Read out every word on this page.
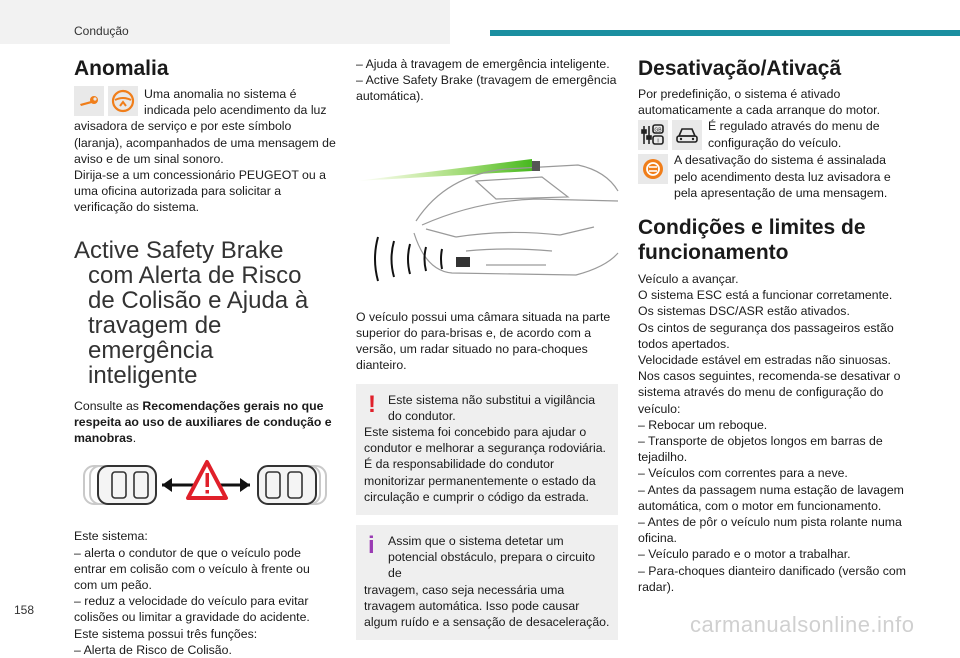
Condução
Anomalia

Uma anomalia no sistema é

indicada pelo acendimento da luz

avisadora de serviço e por este símbolo (laranja), acompanhados de uma mensagem de aviso e de um sinal sonoro.

Dirija-se a um concessionário PEUGEOT ou a uma oficina autorizada para solicitar a verificação do sistema.

Active Safety Brake
com Alerta de Risco
de Colisão e Ajuda à
travagem de emergência
inteligente

Consulte as Recomendações gerais no que respeita ao uso de auxiliares de condução e manobras.

Este sistema:

– alerta o condutor de que o veículo pode entrar em colisão com o veículo à frente ou com um peão.

– reduz a velocidade do veículo para evitar colisões ou limitar a gravidade do acidente.

Este sistema possui três funções:

– Alerta de Risco de Colisão.

– Ajuda à travagem de emergência inteligente.

– Active Safety Brake (travagem de emergência automática).

O veículo possui uma câmara situada na parte superior do para-brisas e, de acordo com a versão, um radar situado no para-choques dianteiro.

! Este sistema não substitui a vigilância do condutor.

Este sistema foi concebido para ajudar o condutor e melhorar a segurança rodoviária. É da responsabilidade do condutor monitorizar permanentemente o estado da circulação e cumprir o código da estrada.

i Assim que o sistema detetar um potencial obstáculo, prepara o circuito de

travagem, caso seja necessária uma travagem automática. Isso pode causar algum ruído e a sensação de desaceleração.

Desativação/Ativaçã

Por predefinição, o sistema é ativado automaticamente a cada arranque do motor.

GB
i

É regulado através do menu de

configuração do veículo.

A desativação do sistema é assinalada

pelo acendimento desta luz avisadora e pela apresentação de uma mensagem.

Condições e limites de
funcionamento

Veículo a avançar.

O sistema ESC está a funcionar corretamente.

Os sistemas DSC/ASR estão ativados.

Os cintos de segurança dos passageiros estão todos apertados.

Velocidade estável em estradas não sinuosas.

Nos casos seguintes, recomenda-se desativar o sistema através do menu de configuração do veículo:

– Rebocar um reboque.

– Transporte de objetos longos em barras de tejadilho.

– Veículos com correntes para a neve.

– Antes da passagem numa estação de lavagem automática, com o motor em funcionamento.

– Antes de pôr o veículo num pista rolante numa oficina.

– Veículo parado e o motor a trabalhar.

– Para-choques dianteiro danificado (versão com radar).

158
carmanualsonline.info
